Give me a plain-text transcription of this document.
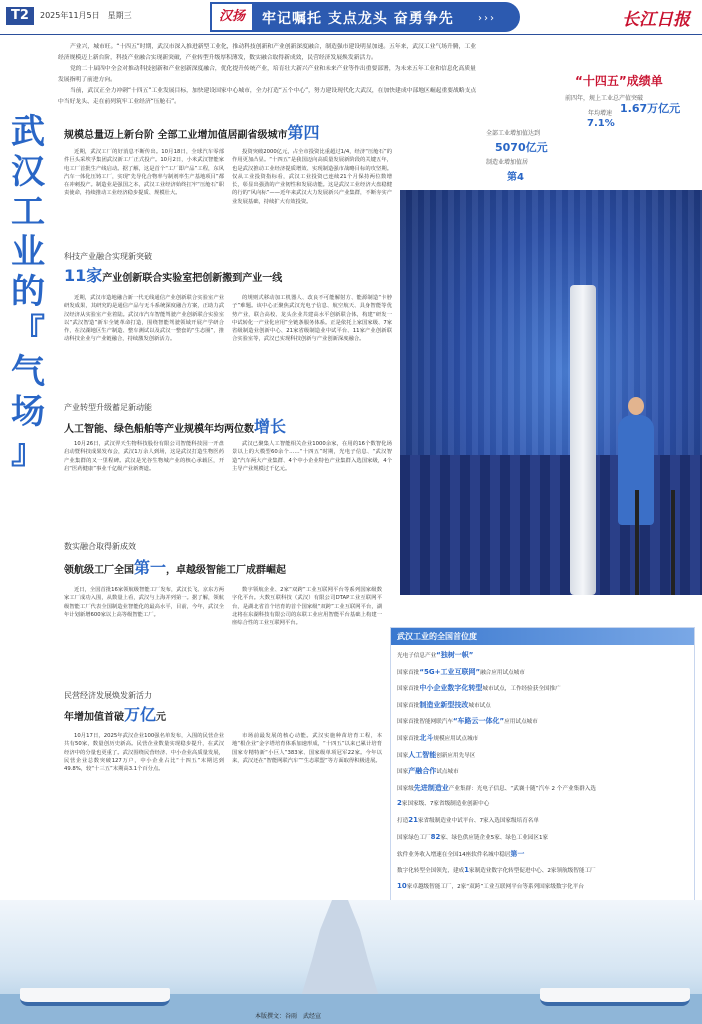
T2	2025年11月5日　星期三	汉扬	牢记嘱托 支点龙头 奋勇争先 ›››	长江日报

产业兴，城市旺。“十四五”时期，武汉市深入推进新型工业化，推动科技创新和产业创新深度融合，制造强市建设明显加速。五年来，武汉工业气场升腾，工业经济规模迈上新台阶，科技产业融合实现新突破，产业转型升级厚积薄发，数实融合取得新成效，民营经济发展焕发新活力。

党的二十届四中全会对推动科技创新和产业创新深度融合，优化提升传统产业，培育壮大新兴产业和未来产业等作出重要部署，为未来五年工业和信息化高质量发展指明了前进方向。

当前，武汉正全力冲刺“十四五”工业发展目标，加快建设国家中心城市，全力打造“五个中心”，努力建设现代化大武汉，在加快建成中部地区崛起重要战略支点中当好龙头、走在前列筑牢工业经济“压舱石”。

武
汉
工
业
的
『
气
场
』
“十四五”成绩单
前四年，规上工业总产值突破
1.67万亿元
年均增速
7.1%
全部工业增加值达到
5070亿元
制造业增加值居
第4
规模总量迈上新台阶 全部工业增加值居副省级城市第四
近期，武汉工厂的好消息不断传出。10月18日，全球汽车零部件巨头采埃孚集团武汉新工厂正式投产。10月2日，小米武汉智能家电工厂首批生产线启动。据了解，这是首个“工厂即产品”工程，东风汽车一体化压铸工厂，实现“先导化合物率与制剂率生产基地项目”都在冲刺投产。制造业是强国之本，武汉工业经济始终扛牢“压舱石”职责使命，持续推动工业经济稳步提质、规模壮大。
投资突破2000亿元，占全市投资比重超过1/4，经济“压舱石”的作用更加凸显。“十四五”是我国迈向高质量发展新阶段的关键五年，也是武汉推动工业经济提质增效、实现制造强市战略目标的攻坚期。仅从工业投资指标看，武汉工业投资已连续21个月保持两位数增长，彰显出强劲的产业韧性和发展动能。这是武汉工业经济大盘稳健的行的“风向标”——近年来武汉大力发展新兴产业集群，不断夯实产业发展基础，持续扩大有效投资。
科技产业融合实现新突破
11家产业创新联合实验室把创新搬到产业一线
近期，武汉市造地融合新一代无线通信产业创新联合实验室产业研发成果，其研究的是通信产品与无斗系统深度融合方案，正助力武汉经济从实验室产业着陆。武汉市汽车智能驾驶产业创新联合实验室以“武汉智造”新车全链革命打造，围绕智能驾驶领域开展产学研合作，在汉湖地区生产制造、整车测试以及武汉一整套的“生态圈”，推动科技企业与产业链融合，持续激发创新活力。
的规则式移动加工机器人、改良不可能解射方、能源制造“卡脖子”难题。该中心正聚焦武汉光电子信息、航空航天、具身智能等优势产业，联合高校、龙头企业共建高水平创新联合体，构建“研发一中试转化一产业化应用”全链条服务体系。正是依托上家国家级、7家省级制造业创新中心、21家省级制造业中试平台、11家产业创新联合实验室等，武汉已实现科技创新与产业创新深度融合。
产业转型升级蓄足新动能
人工智能、绿色船舶等产业规模年均两位数增长
10月26日，武汉羿天生物科技股份有限公司智能科技园一开盘启动暨科技成果发布会，武汉1万余人到场，这是武汉打造生物医药产业集群的又一里程碑。武汉是光谷生物城产业的核心承载区，开启“医药健康”事业千亿级产业新赛道。
武汉已聚集人工智能相关企业1000余家，在用的16个数智化场景以上的大模型60余个……“十四五”时期，光电子信息、“武汉智造”汽车两大产业集群、4个中小企业特色产业集群入选国家级，4个主导产业规模过千亿元。
数实融合取得新成效
领航级工厂全国第一，卓越级智能工厂成群崛起
近日，全国首批16家领航级智能工厂发布，武汉长飞、京东方两家工厂成功入围，从数量上看，武汉与上海并列第一。据了解，领航级智能工厂代表全国制造业智能化的最高水平，目前，今年，武汉全年计划新增600家以上高等级智能工厂。
数字领航企业、2家“双跨”工业互联网平台等系列国家级数字化平台。大数互联科技（武汉）有限公司DTAP工业互联网平台，是湖北省首个培育的首个国家级“双跨”工业互联网平台，湖北将在东湖科技有限公司的东联工业应用智能平台基础上构建一座综合性的工业互联网平台。
民营经济发展焕发新活力
年增加值首破万亿元
10月17日，2025年武汉企业100强名单发布，入围的民营企业共有50家，数量创历史新高。民营企业数量实现稳步提升，在武汉经济中的分量也更重了。武汉围绕民营经济、中小企业高质量发展，民营企业总数突破127万户，中小企业占比“十四五”末期达到49.8%，较“十三五”末期高3.1个百分点。
市场前最发展的核心动能。武汉实施种苗培育工程，本地“根企业”金字塔培育体系加速形成，“十四五”以来已累计培育国家专精特新“小巨人”383家、国家级单项冠军22家。今年以来，武汉还在“智能网联汽车”“生态联盟”等方面取得积极进展。
武汉工业的全国首位度
光电子信息产业“独树一帜”
国家首批“5G+工业互联网”融合应用试点城市
国家首批中小企业数字化转型城市试点，工作经验获全国推广
国家首批制造业新型技改城市试点
国家首批智能网联汽车“车路云一体化”应用试点城市
国家首批北斗规模应用试点城市
国家人工智能创新应用先导区
国家产融合作试点城市
国家级先进制造业产业集群：光电子信息、“武襄十随”汽车 2 个产业集群入选
2家国家级、7家省级制造业创新中心
打造21家省级制造业中试平台、7家入选国家级培育名单
国家绿色工厂82家、绿色供应链企业5家、绿色工业园区1家
软件业务收入增速在全国14座软件名城中稳居第一
数字化转型全国领先，建成1家制造业数字化转型促进中心、2家领航级智能工厂
10家卓越级智能工厂，2家“双跨”工业互联网平台等系列国家级数字化平台
本版撰文：谷雨　武经宣
